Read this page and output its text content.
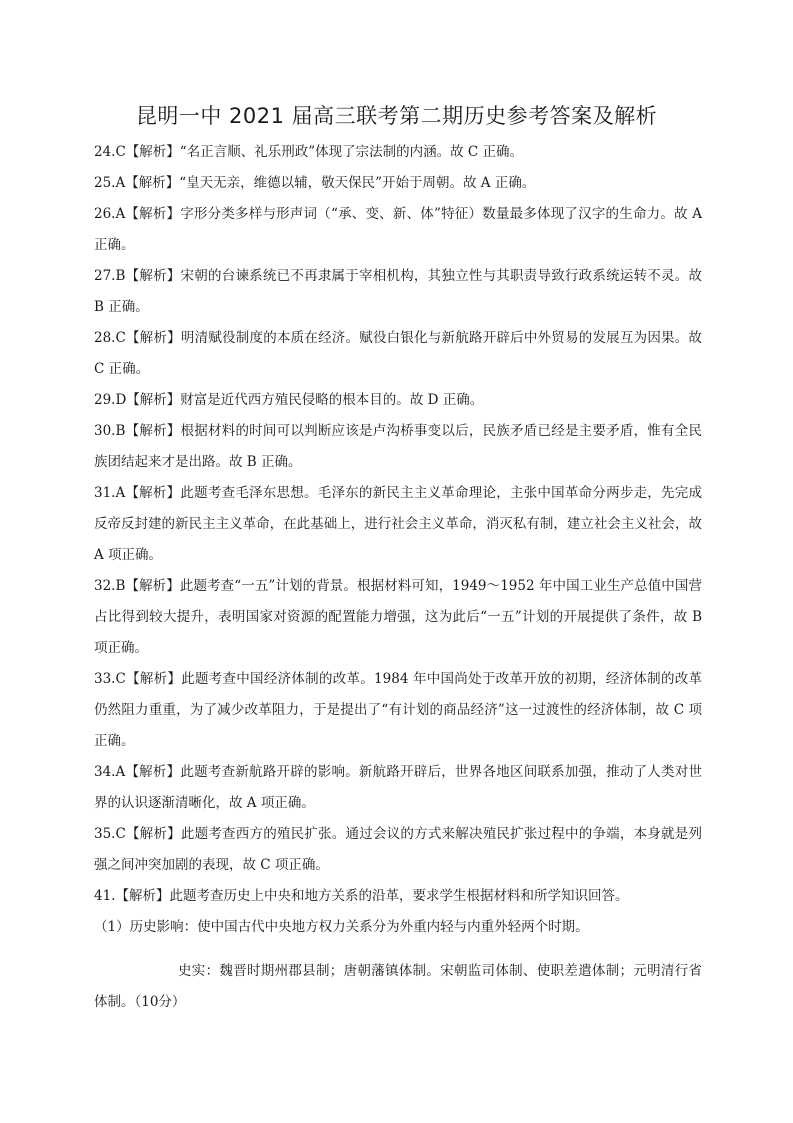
昆明一中 2021 届高三联考第二期历史参考答案及解析
24.C【解析】“名正言顺、礼乐刑政”体现了宗法制的内涵。故 C 正确。
25.A【解析】“皇天无亲，维德以辅，敬天保民”开始于周朝。故 A 正确。
26.A【解析】字形分类多样与形声词（“承、变、新、体”特征）数量最多体现了汉字的生命力。故 A 正确。
27.B【解析】宋朝的台谏系统已不再隶属于宰相机构，其独立性与其职责导致行政系统运转不灵。故 B 正确。
28.C【解析】明清赋役制度的本质在经济。赋役白银化与新航路开辟后中外贸易的发展互为因果。故 C 正确。
29.D【解析】财富是近代西方殖民侵略的根本目的。故 D 正确。
30.B【解析】根据材料的时间可以判断应该是卢沟桥事变以后，民族矛盾已经是主要矛盾，惟有全民族团结起来才是出路。故 B 正确。
31.A【解析】此题考查毛泽东思想。毛泽东的新民主主义革命理论，主张中国革命分两步走，先完成反帝反封建的新民主主义革命，在此基础上，进行社会主义革命，消灭私有制，建立社会主义社会，故 A 项正确。
32.B【解析】此题考查“一五”计划的背景。根据材料可知，1949～1952 年中国工业生产总值中国营占比得到较大提升，表明国家对资源的配置能力增强，这为此后“一五”计划的开展提供了条件，故 B 项正确。
33.C【解析】此题考查中国经济体制的改革。1984 年中国尚处于改革开放的初期，经济体制的改革仍然阻力重重，为了减少改革阻力，于是提出了“有计划的商品经济”这一过渡性的经济体制，故 C 项正确。
34.A【解析】此题考查新航路开辟的影响。新航路开辟后，世界各地区间联系加强，推动了人类对世界的认识逐渐清晰化，故 A 项正确。
35.C【解析】此题考查西方的殖民扩张。通过会议的方式来解决殖民扩张过程中的争端，本身就是列强之间冲突加剧的表现，故 C 项正确。
41.【解析】此题考查历史上中央和地方关系的沿革，要求学生根据材料和所学知识回答。
（1）历史影响：使中国古代中央地方权力关系分为外重内轻与内重外轻两个时期。
史实：魏晋时期州郡县制；唐朝藩镇体制。宋朝监司体制、使职差遣体制；元明清行省体制。（10分）
